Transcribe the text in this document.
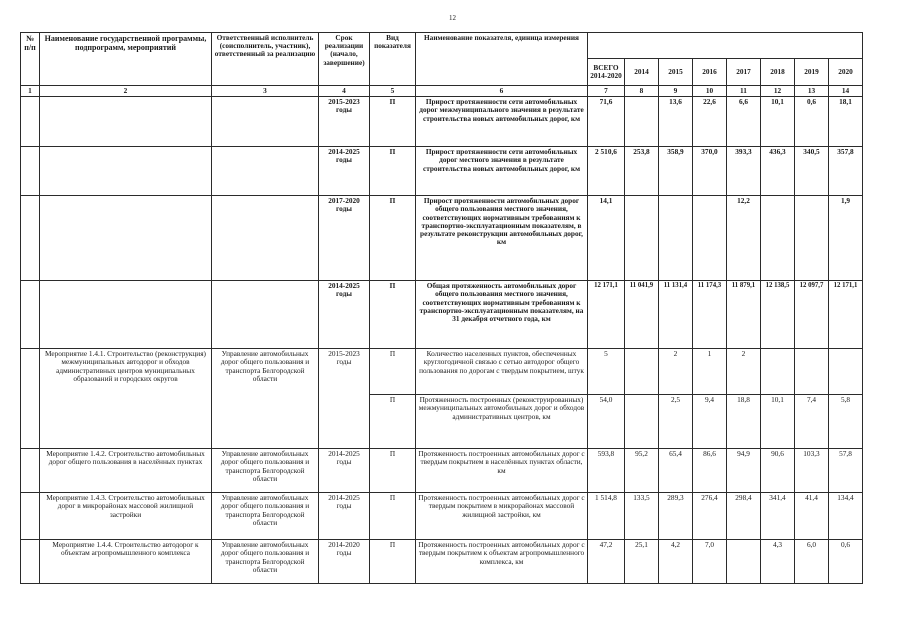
12
№ п/п	Наименование государственной программы, подпрограмм, мероприятий	Ответственный исполнитель (соисполнитель, участник), ответственный за реализацию	Срок реализации (начало, завершение)	Вид показателя	Наименование показателя, единица измерения								
						ВСЕГО 2014-2020	2014	2015	2016	2017	2018	2019	2020
1	2	3	4	5	6	7	8	9	10	11	12	13	14
			2015-2023 годы	П	Прирост протяженности сети автомобильных дорог межмуниципального значения в результате строительства новых автомобильных дорог, км	71,6		13,6	22,6	6,6	10,1	0,6	18,1
			2014-2025 годы	П	Прирост протяженности сети автомобильных дорог местного значения в результате строительства новых автомобильных дорог, км	2 510,6	253,8	358,9	370,0	393,3	436,3	340,5	357,8
			2017-2020 годы	П	Прирост протяженности автомобильных дорог общего пользования местного значения, соответствующих нормативным требованиям к транспортно-эксплуатационным показателям, в результате реконструкции автомобильных дорог, км	14,1				12,2			1,9
			2014-2025 годы	П	Общая протяженность автомобильных дорог общего пользования местного значения, соответствующих нормативным требованиям к транспортно-эксплуатационным показателям, на 31 декабря отчетного года, км	12 171,1	11 041,9	11 131,4	11 174,3	11 879,1	12 138,5	12 097,7	12 171,1
	Мероприятие 1.4.1. Строительство (реконструкция) межмуниципальных автодорог и обходов административных центров муниципальных образований и городских округов	Управление автомобильных дорог общего пользования и транспорта Белгородской области	2015-2023 годы	П	Количество населенных пунктов, обеспеченных круглогодичной связью с сетью автодорог общего пользования по дорогам с твердым покрытием, штук	5		2	1	2			
				П	Протяженность построенных (реконструированных) межмуниципальных автомобильных дорог и обходов административных центров, км	54,0		2,5	9,4	18,8	10,1	7,4	5,8
	Мероприятие 1.4.2. Строительство автомобильных дорог общего пользования в населённых пунктах	Управление автомобильных дорог общего пользования и транспорта Белгородской области	2014-2025 годы	П	Протяженность построенных автомобильных дорог с твердым покрытием в населённых пунктах области, км	593,8	95,2	65,4	86,6	94,9	90,6	103,3	57,8
	Мероприятие 1.4.3. Строительство автомобильных дорог в микрорайонах массовой жилищной застройки	Управление автомобильных дорог общего пользования и транспорта Белгородской области	2014-2025 годы	П	Протяженность построенных автомобильных дорог с твердым покрытием в микрорайонах массовой жилищной застройки, км	1 514,8	133,5	289,3	276,4	298,4	341,4	41,4	134,4
	Мероприятие 1.4.4. Строительство автодорог к объектам агропромышленного комплекса	Управление автомобильных дорог общего пользования и транспорта Белгородской области	2014-2020 годы	П	Протяженность построенных автомобильных дорог с твердым покрытием к объектам агропромышленного комплекса, км	47,2	25,1	4,2	7,0		4,3	6,0	0,6
